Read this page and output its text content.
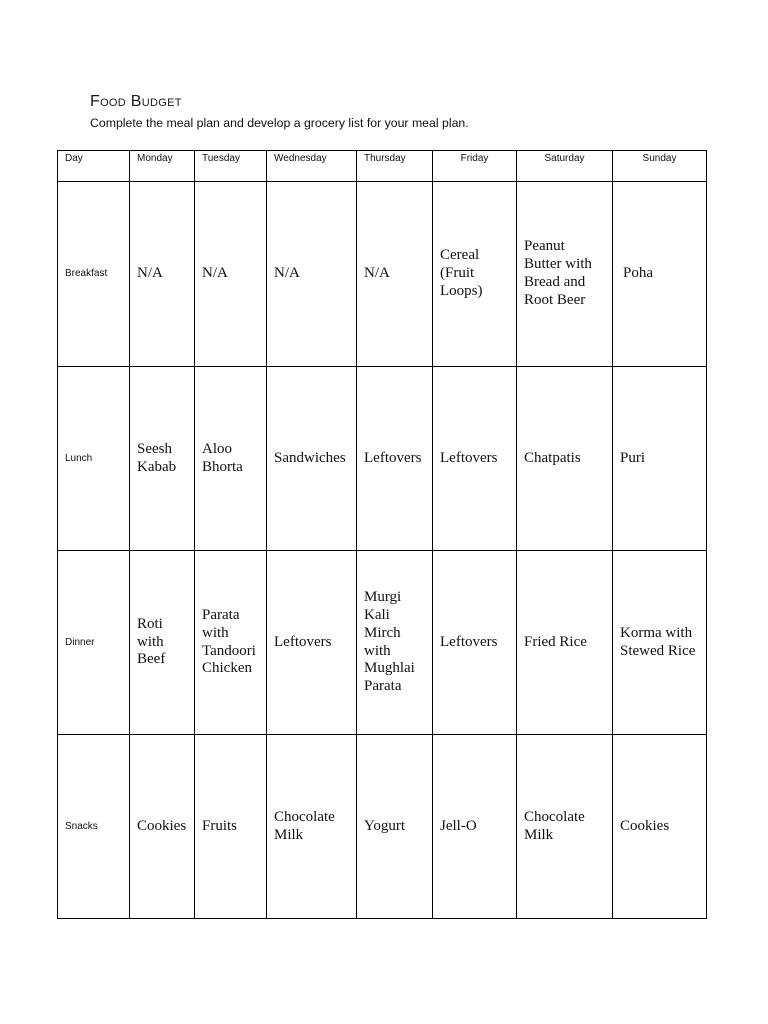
Food Budget
Complete the meal plan and develop a grocery list for your meal plan.
Day	Monday	Tuesday	Wednesday	Thursday	Friday	Saturday	Sunday
Breakfast	N/A	N/A	N/A	N/A	Cereal (Fruit Loops)	Peanut Butter with Bread and Root Beer	Poha
Lunch	Seesh Kabab	Aloo Bhorta	Sandwiches	Leftovers	Leftovers	Chatpatis	Puri
Dinner	Roti with Beef	Parata with Tandoori Chicken	Leftovers	Murgi Kali Mirch with Mughlai Parata	Leftovers	Fried Rice	Korma with Stewed Rice
Snacks	Cookies	Fruits	Chocolate Milk	Yogurt	Jell-O	Chocolate Milk	Cookies
